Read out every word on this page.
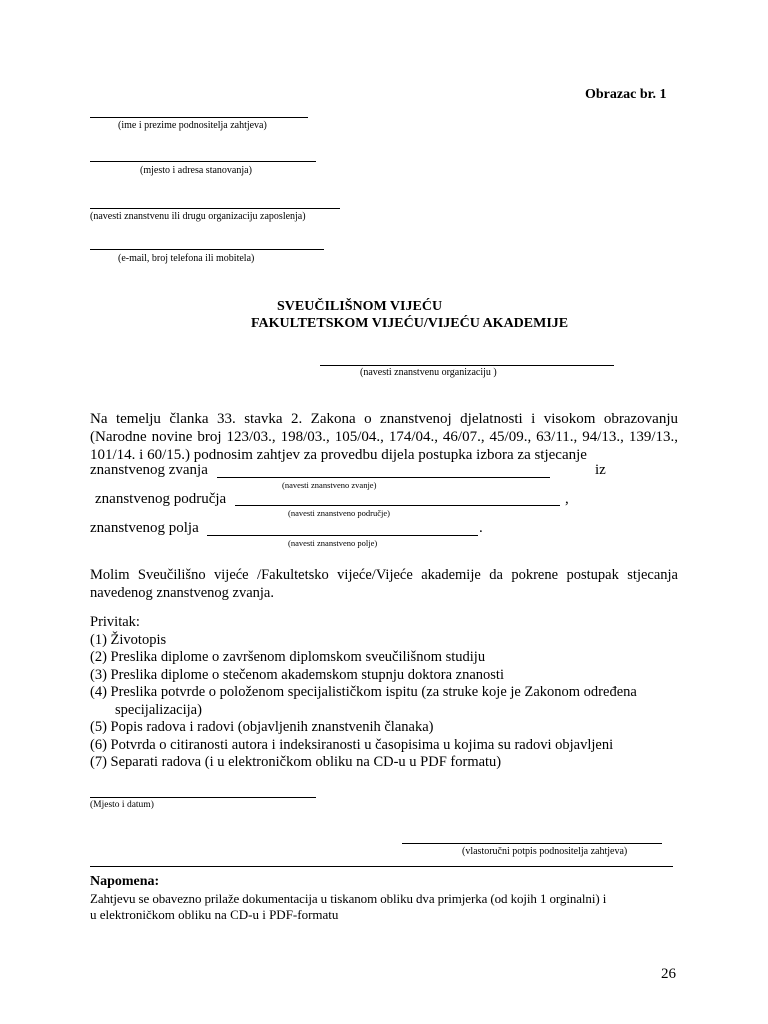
Obrazac br. 1
(ime i prezime podnositelja zahtjeva)
(mjesto i adresa stanovanja)
(navesti znanstvenu ili drugu organizaciju zaposlenja)
(e-mail, broj telefona ili mobitela)
SVEUČILIŠNOM VIJEĆU
FAKULTETSKOM VIJEĆU/VIJEĆU AKADEMIJE
(navesti znanstvenu organizaciju )
Na temelju članka 33. stavka 2. Zakona o znanstvenoj djelatnosti i visokom obrazovanju (Narodne novine broj 123/03., 198/03., 105/04., 174/04., 46/07., 45/09., 63/11., 94/13., 139/13., 101/14. i 60/15.) podnosim zahtjev za provedbu dijela postupka izbora za stjecanje
znanstvenog zvanja	iz
(navesti znanstveno zvanje)
znanstvenog područja	,
(navesti znanstveno područje)
znanstvenog polja	.
(navesti znanstveno polje)
Molim Sveučilišno vijeće /Fakultetsko vijeće/Vijeće akademije da pokrene postupak stjecanja navedenog znanstvenog zvanja.
Privitak:
(1) Životopis
(2) Preslika diplome o završenom diplomskom sveučilišnom studiju
(3) Preslika diplome o stečenom akademskom stupnju doktora znanosti
(4) Preslika potvrde o položenom specijalističkom ispitu (za struke koje je Zakonom određena
specijalizacija)
(5) Popis radova i radovi (objavljenih znanstvenih članaka)
(6) Potvrda o citiranosti autora i indeksiranosti u časopisima u kojima su radovi objavljeni
(7) Separati radova (i u elektroničkom obliku na CD-u u PDF formatu)
(Mjesto i datum)
(vlastoručni potpis podnositelja zahtjeva)
Napomena:
Zahtjevu se obavezno prilaže dokumentacija u tiskanom obliku dva primjerka (od kojih 1 orginalni) i
u elektroničkom obliku na CD-u i PDF-formatu
26
